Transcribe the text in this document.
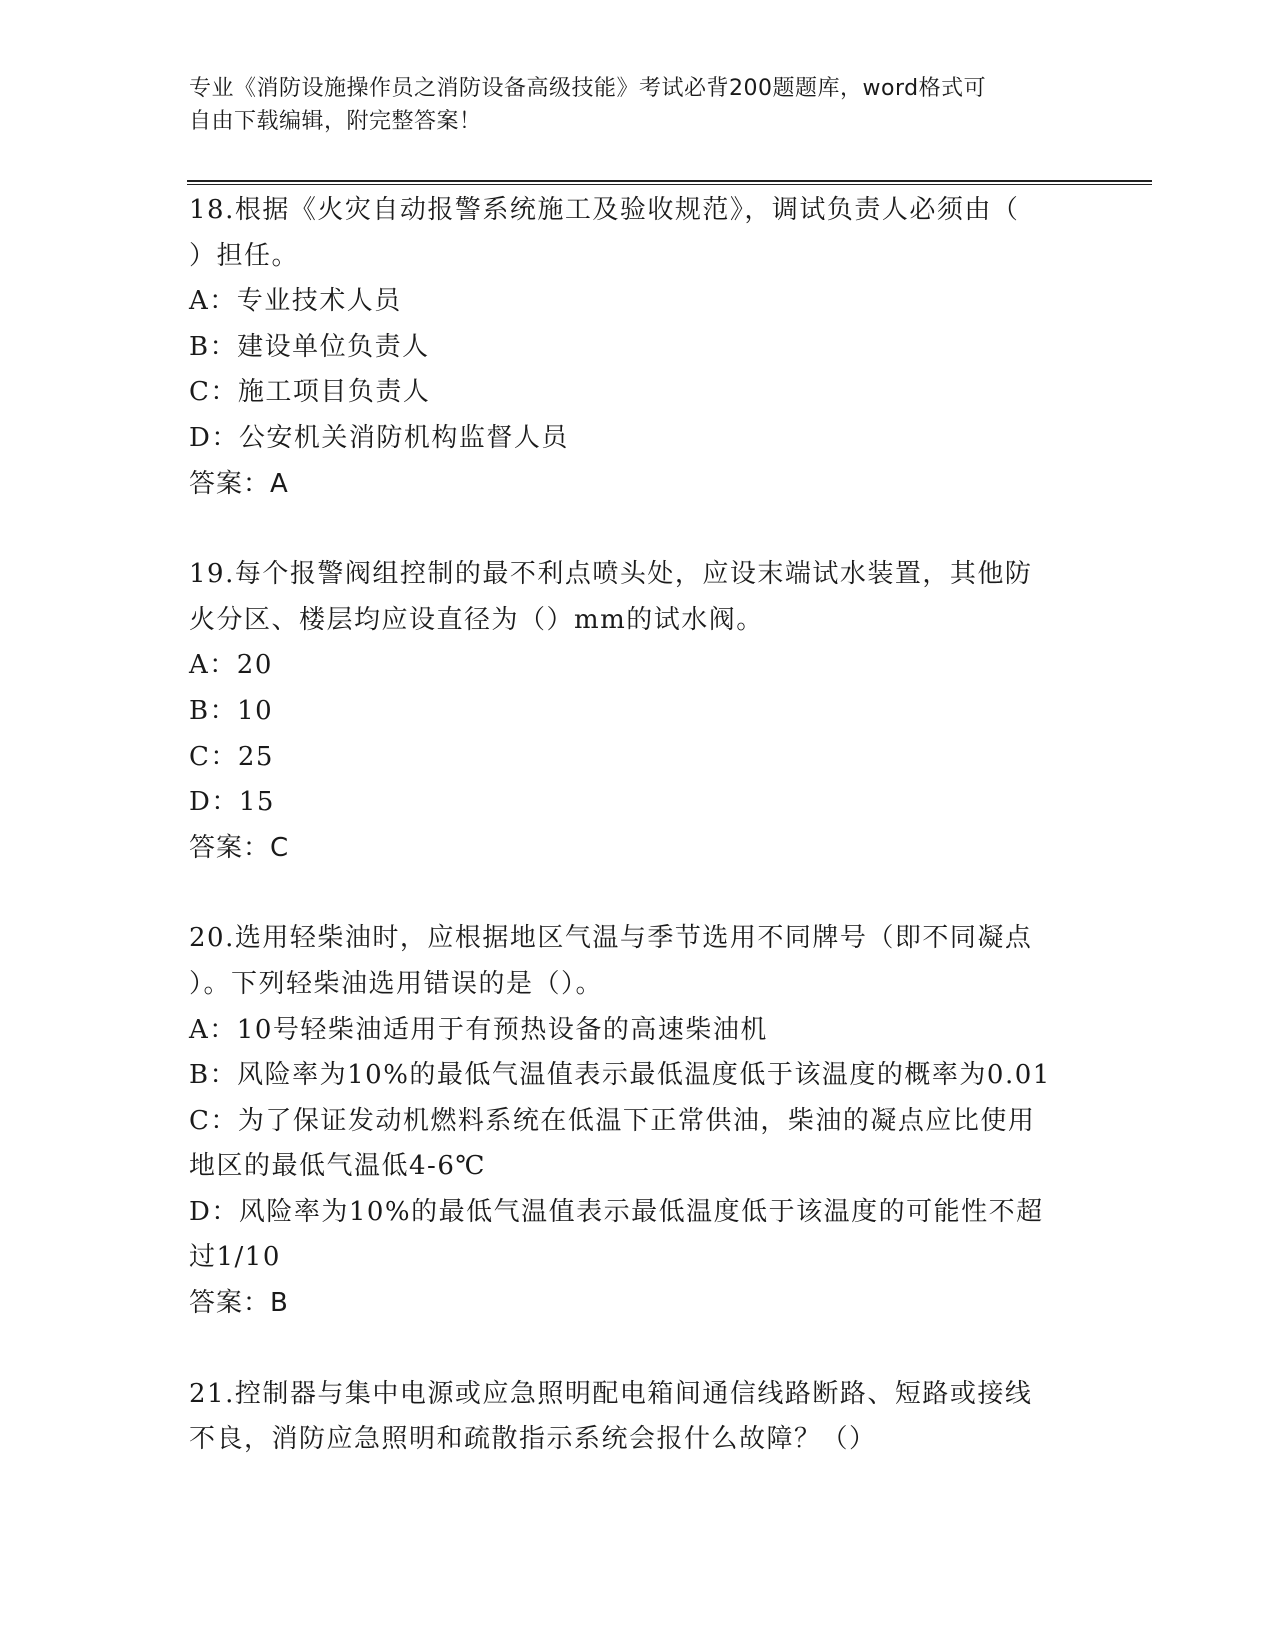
专业《消防设施操作员之消防设备高级技能》考试必背200题题库，word格式可
自由下载编辑，附完整答案！
18.根据《火灾自动报警系统施工及验收规范》，调试负责人必须由（
）担任。
A：专业技术人员
B：建设单位负责人
C：施工项目负责人
D：公安机关消防机构监督人员
答案：A
19.每个报警阀组控制的最不利点喷头处，应设末端试水装置，其他防
火分区、楼层均应设直径为（）mm的试水阀。
A：20
B：10
C：25
D：15
答案：C
20.选用轻柴油时，应根据地区气温与季节选用不同牌号（即不同凝点
）。下列轻柴油选用错误的是（）。
A：10号轻柴油适用于有预热设备的高速柴油机
B：风险率为10%的最低气温值表示最低温度低于该温度的概率为0.01
C：为了保证发动机燃料系统在低温下正常供油，柴油的凝点应比使用
地区的最低气温低4-6℃
D：风险率为10%的最低气温值表示最低温度低于该温度的可能性不超
过1/10
答案：B
21.控制器与集中电源或应急照明配电箱间通信线路断路、短路或接线
不良，消防应急照明和疏散指示系统会报什么故障？（）
